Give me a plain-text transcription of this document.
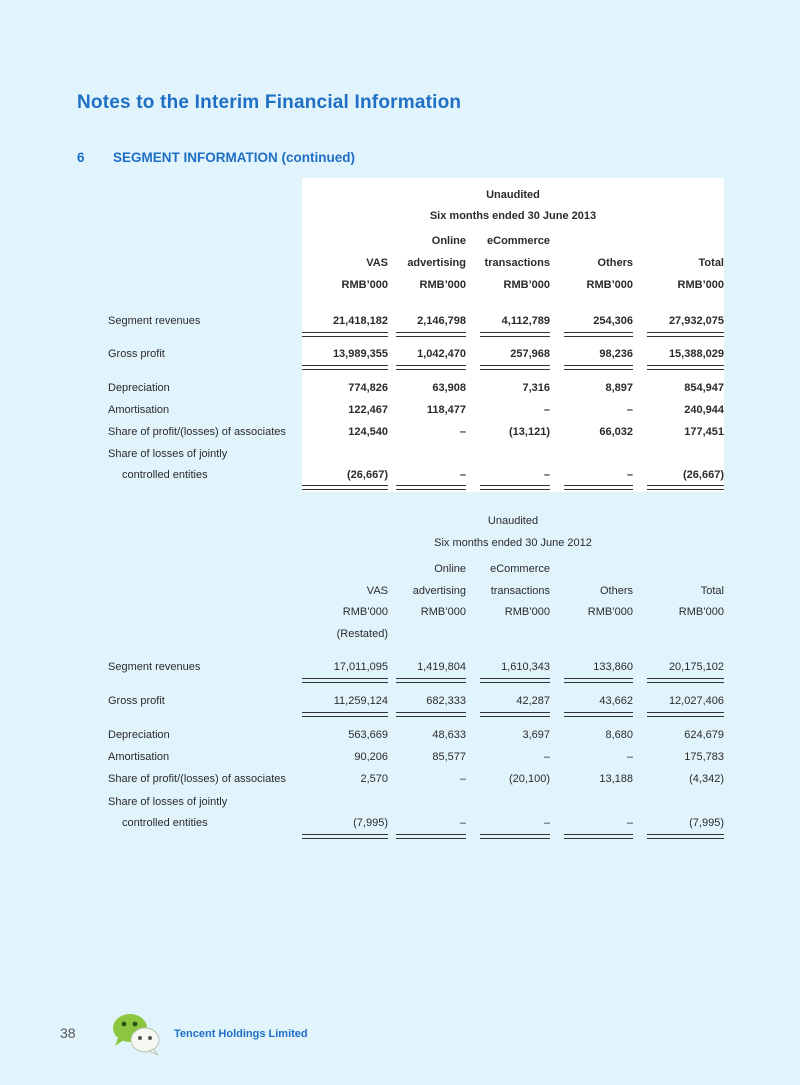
Notes to the Interim Financial Information
6 SEGMENT INFORMATION (continued)
Unaudited
Six months ended 30 June 2013
Online	eCommerce
VAS	advertising	transactions	Others	Total
RMB’000	RMB’000	RMB’000	RMB’000	RMB’000
Segment revenues	21,418,182	2,146,798	4,112,789	254,306	27,932,075
Gross profit	13,989,355	1,042,470	257,968	98,236	15,388,029
Depreciation	774,826	63,908	7,316	8,897	854,947
Amortisation	122,467	118,477	–	–	240,944
Share of profit/(losses) of associates	124,540	–	(13,121)	66,032	177,451
Share of losses of jointly
controlled entities	(26,667)	–	–	–	(26,667)
Unaudited
Six months ended 30 June 2012
Online	eCommerce
VAS	advertising	transactions	Others	Total
RMB’000	RMB’000	RMB’000	RMB’000	RMB’000
(Restated)
Segment revenues	17,011,095	1,419,804	1,610,343	133,860	20,175,102
Gross profit	11,259,124	682,333	42,287	43,662	12,027,406
Depreciation	563,669	48,633	3,697	8,680	624,679
Amortisation	90,206	85,577	–	–	175,783
Share of profit/(losses) of associates	2,570	–	(20,100)	13,188	(4,342)
Share of losses of jointly
controlled entities	(7,995)	–	–	–	(7,995)
38	Tencent Holdings Limited
